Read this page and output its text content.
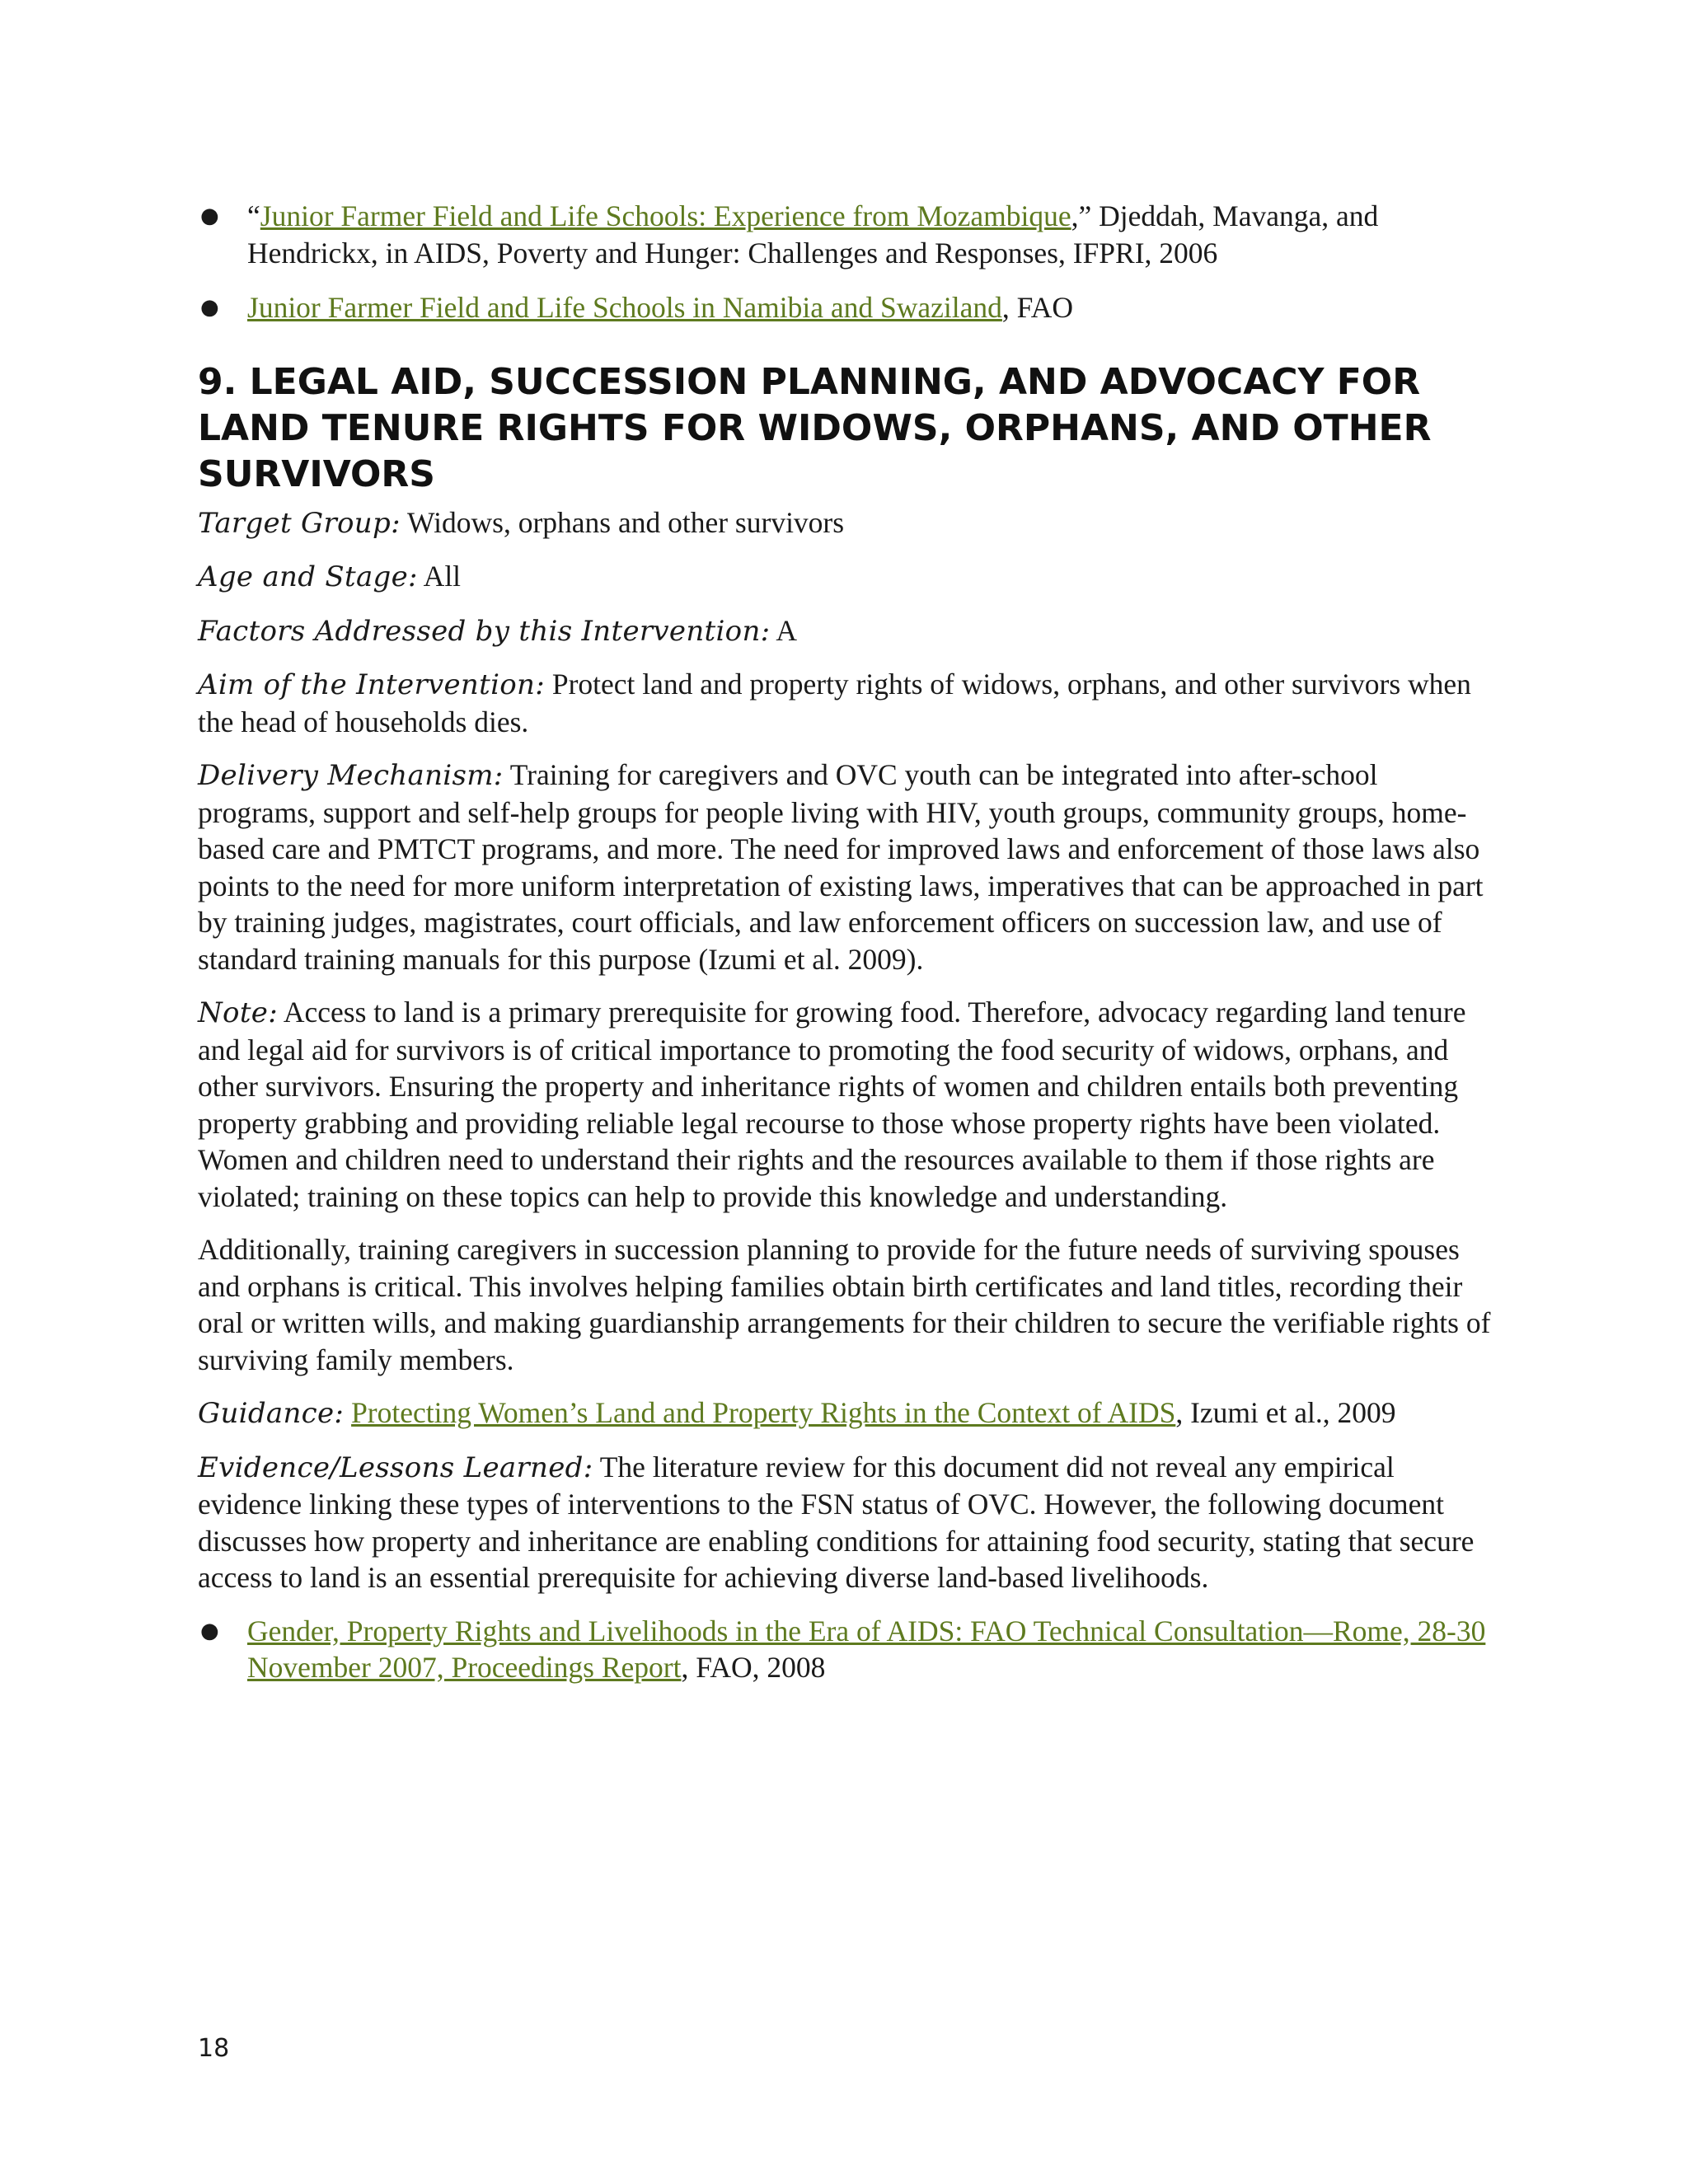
● “Junior Farmer Field and Life Schools: Experience from Mozambique,” Djeddah, Mavanga, and Hendrickx, in AIDS, Poverty and Hunger: Challenges and Responses, IFPRI, 2006
● Junior Farmer Field and Life Schools in Namibia and Swaziland, FAO
9. LEGAL AID, SUCCESSION PLANNING, AND ADVOCACY FOR LAND TENURE RIGHTS FOR WIDOWS, ORPHANS, AND OTHER SURVIVORS

Target Group: Widows, orphans and other survivors

Age and Stage: All

Factors Addressed by this Intervention: A

Aim of the Intervention: Protect land and property rights of widows, orphans, and other survivors when the head of households dies.

Delivery Mechanism: Training for caregivers and OVC youth can be integrated into after-school programs, support and self-help groups for people living with HIV, youth groups, community groups, home-based care and PMTCT programs, and more. The need for improved laws and enforcement of those laws also points to the need for more uniform interpretation of existing laws, imperatives that can be approached in part by training judges, magistrates, court officials, and law enforcement officers on succession law, and use of standard training manuals for this purpose (Izumi et al. 2009).

Note: Access to land is a primary prerequisite for growing food. Therefore, advocacy regarding land tenure and legal aid for survivors is of critical importance to promoting the food security of widows, orphans, and other survivors. Ensuring the property and inheritance rights of women and children entails both preventing property grabbing and providing reliable legal recourse to those whose property rights have been violated. Women and children need to understand their rights and the resources available to them if those rights are violated; training on these topics can help to provide this knowledge and understanding.

Additionally, training caregivers in succession planning to provide for the future needs of surviving spouses and orphans is critical. This involves helping families obtain birth certificates and land titles, recording their oral or written wills, and making guardianship arrangements for their children to secure the verifiable rights of surviving family members.

Guidance: Protecting Women’s Land and Property Rights in the Context of AIDS, Izumi et al., 2009

Evidence/Lessons Learned: The literature review for this document did not reveal any empirical evidence linking these types of interventions to the FSN status of OVC. However, the following document discusses how property and inheritance are enabling conditions for attaining food security, stating that secure access to land is an essential prerequisite for achieving diverse land-based livelihoods.

● Gender, Property Rights and Livelihoods in the Era of AIDS: FAO Technical Consultation—Rome, 28-30 November 2007, Proceedings Report, FAO, 2008
18
